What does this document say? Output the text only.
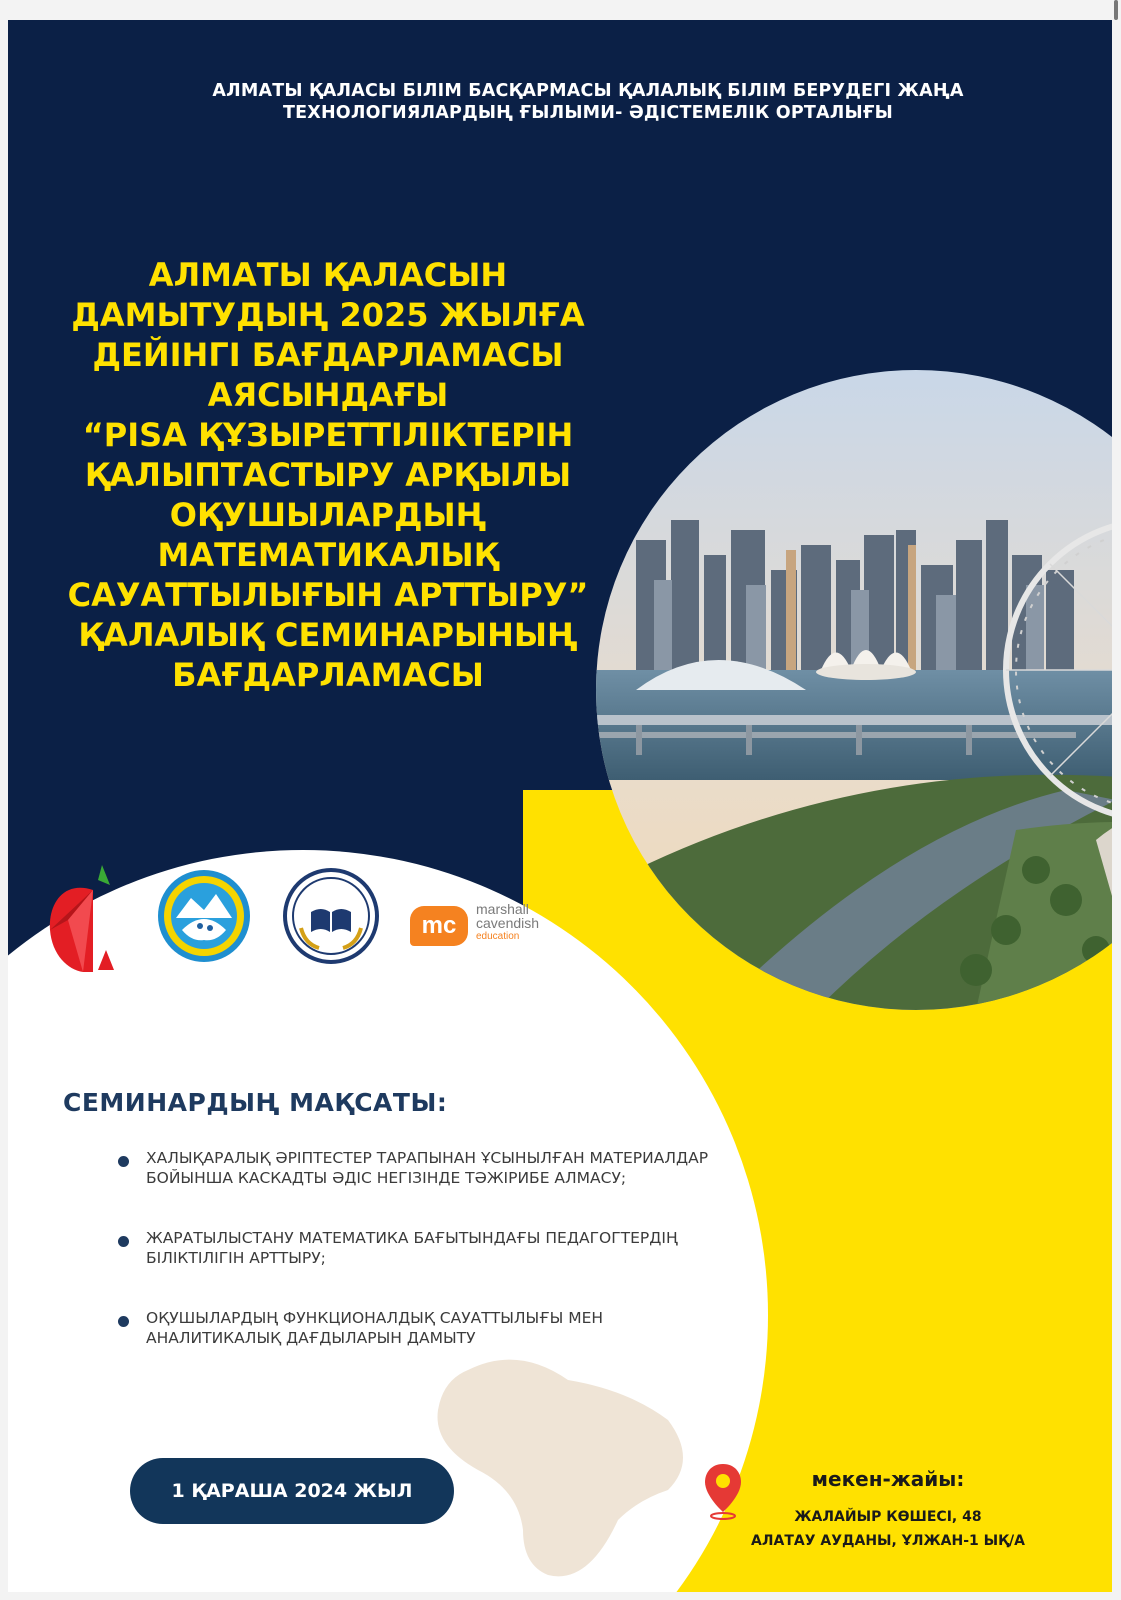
АЛМАТЫ ҚАЛАСЫ БІЛІМ БАСҚАРМАСЫ ҚАЛАЛЫҚ БІЛІМ БЕРУДЕГІ ЖАҢА
ТЕХНОЛОГИЯЛАРДЫҢ ҒЫЛЫМИ- ӘДІСТЕМЕЛІК ОРТАЛЫҒЫ
АЛМАТЫ ҚАЛАСЫН
ДАМЫТУДЫҢ 2025 ЖЫЛҒА
ДЕЙІНГІ БАҒДАРЛАМАСЫ
АЯСЫНДАҒЫ
“PISA ҚҰЗЫРЕТТІЛІКТЕРІН
ҚАЛЫПТАСТЫРУ АРҚЫЛЫ
ОҚУШЫЛАРДЫҢ
МАТЕМАТИКАЛЫҚ
САУАТТЫЛЫҒЫН АРТТЫРУ”
ҚАЛАЛЫҚ СЕМИНАРЫНЫҢ
БАҒДАРЛАМАСЫ
mc
marshall
cavendish
education
СЕМИНАРДЫҢ МАҚСАТЫ:
ХАЛЫҚАРАЛЫҚ ӘРІПТЕСТЕР ТАРАПЫНАН ҰСЫНЫЛҒАН МАТЕРИАЛДАР
БОЙЫНША КАСКАДТЫ ӘДІС НЕГІЗІНДЕ ТӘЖІРИБЕ АЛМАСУ;
ЖАРАТЫЛЫСТАНУ МАТЕМАТИКА БАҒЫТЫНДАҒЫ ПЕДАГОГТЕРДІҢ
БІЛІКТІЛІГІН АРТТЫРУ;
ОҚУШЫЛАРДЫҢ ФУНКЦИОНАЛДЫҚ САУАТТЫЛЫҒЫ МЕН
АНАЛИТИКАЛЫҚ ДАҒДЫЛАРЫН ДАМЫТУ
1 ҚАРАША 2024 ЖЫЛ	мекен-жайы:
ЖАЛАЙЫР КӨШЕСІ, 48
АЛАТАУ АУДАНЫ, ҰЛЖАН-1 ЫҚ/А
